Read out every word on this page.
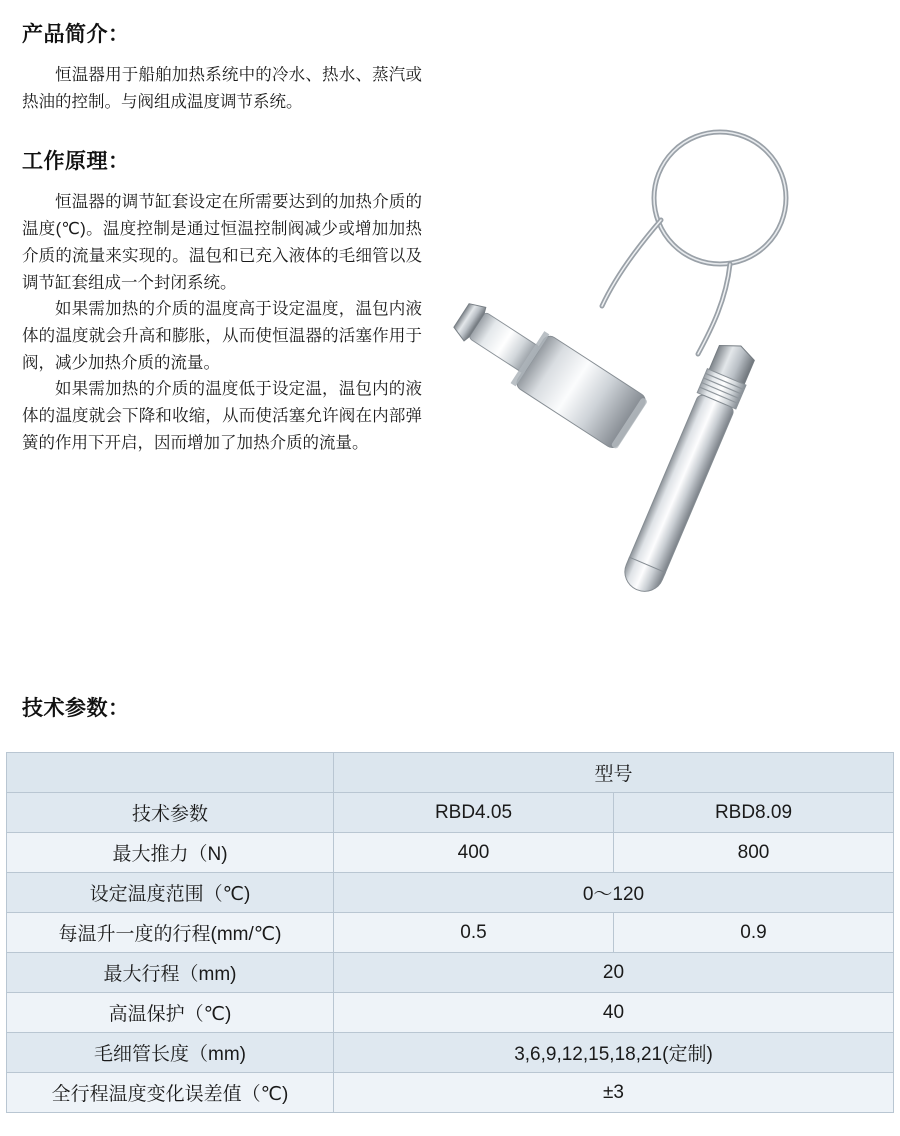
产品简介：

恒温器用于船舶加热系统中的冷水、热水、蒸汽或热油的控制。与阀组成温度调节系统。

工作原理：

恒温器的调节缸套设定在所需要达到的加热介质的温度(℃)。温度控制是通过恒温控制阀减少或增加加热介质的流量来实现的。温包和已充入液体的毛细管以及调节缸套组成一个封闭系统。

如果需加热的介质的温度高于设定温度，温包内液体的温度就会升高和膨胀，从而使恒温器的活塞作用于阀，减少加热介质的流量。

如果需加热的介质的温度低于设定温，温包内的液体的温度就会下降和收缩，从而使活塞允许阀在内部弹簧的作用下开启，因而增加了加热介质的流量。

技术参数：
	型号	
技术参数	RBD4.05	RBD8.09
最大推力（N)	400	800
设定温度范围（℃)	0～120	
每温升一度的行程(mm/℃)	0.5	0.9
最大行程（mm)	20	
高温保护（℃)	40	
毛细管长度（mm)	3,6,9,12,15,18,21(定制)	
全行程温度变化误差值（℃)	±3	
